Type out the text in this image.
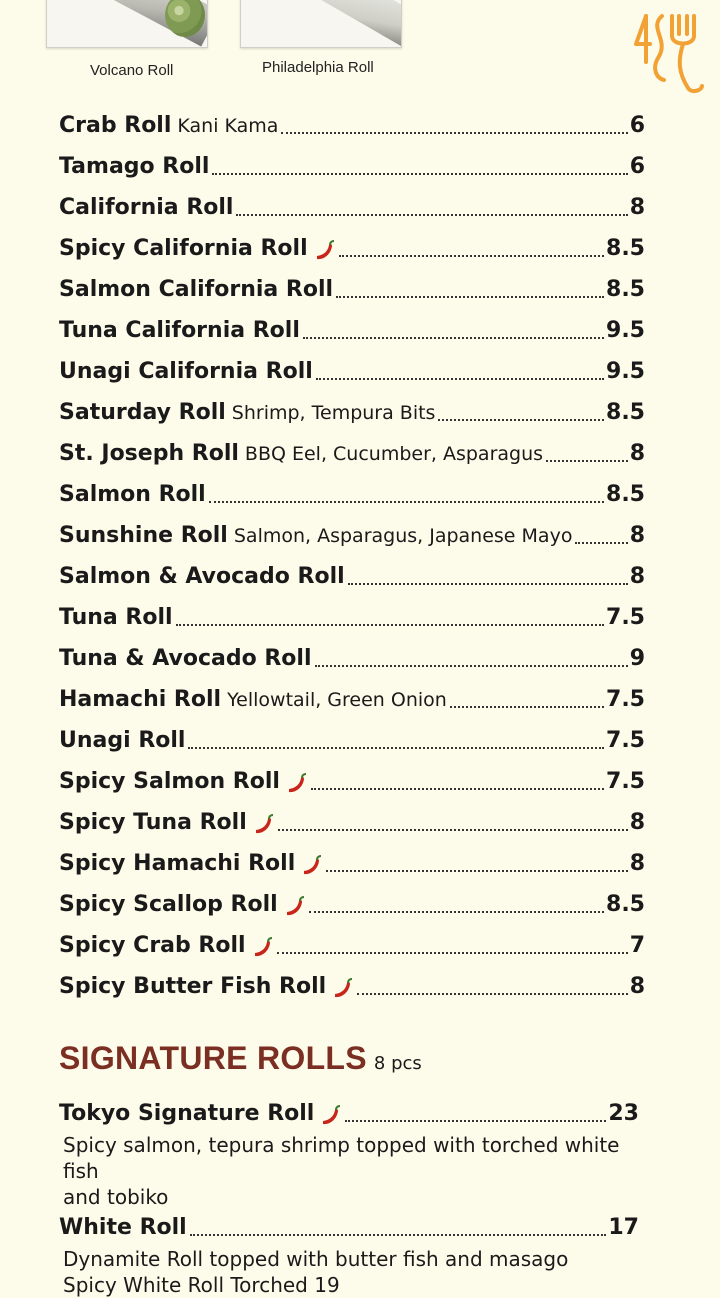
Volcano Roll	Philadelphia Roll
Crab Roll Kani Kama	6
Tamago Roll	6
California Roll	8
Spicy California Roll	8.5
Salmon California Roll	8.5
Tuna California Roll	9.5
Unagi California Roll	9.5
Saturday Roll Shrimp, Tempura Bits	8.5
St. Joseph Roll BBQ Eel, Cucumber, Asparagus	8
Salmon Roll	8.5
Sunshine Roll Salmon, Asparagus, Japanese Mayo	8
Salmon & Avocado Roll	8
Tuna Roll	7.5
Tuna & Avocado Roll	9
Hamachi Roll Yellowtail, Green Onion	7.5
Unagi Roll	7.5
Spicy Salmon Roll	7.5
Spicy Tuna Roll	8
Spicy Hamachi Roll	8
Spicy Scallop Roll	8.5
Spicy Crab Roll	7
Spicy Butter Fish Roll	8
SIGNATURE ROLLS 8 pcs
Tokyo Signature Roll	23
Spicy salmon, tepura shrimp topped with torched white fish
and tobiko
White Roll	17
Dynamite Roll topped with butter fish and masago
Spicy White Roll Torched 19
